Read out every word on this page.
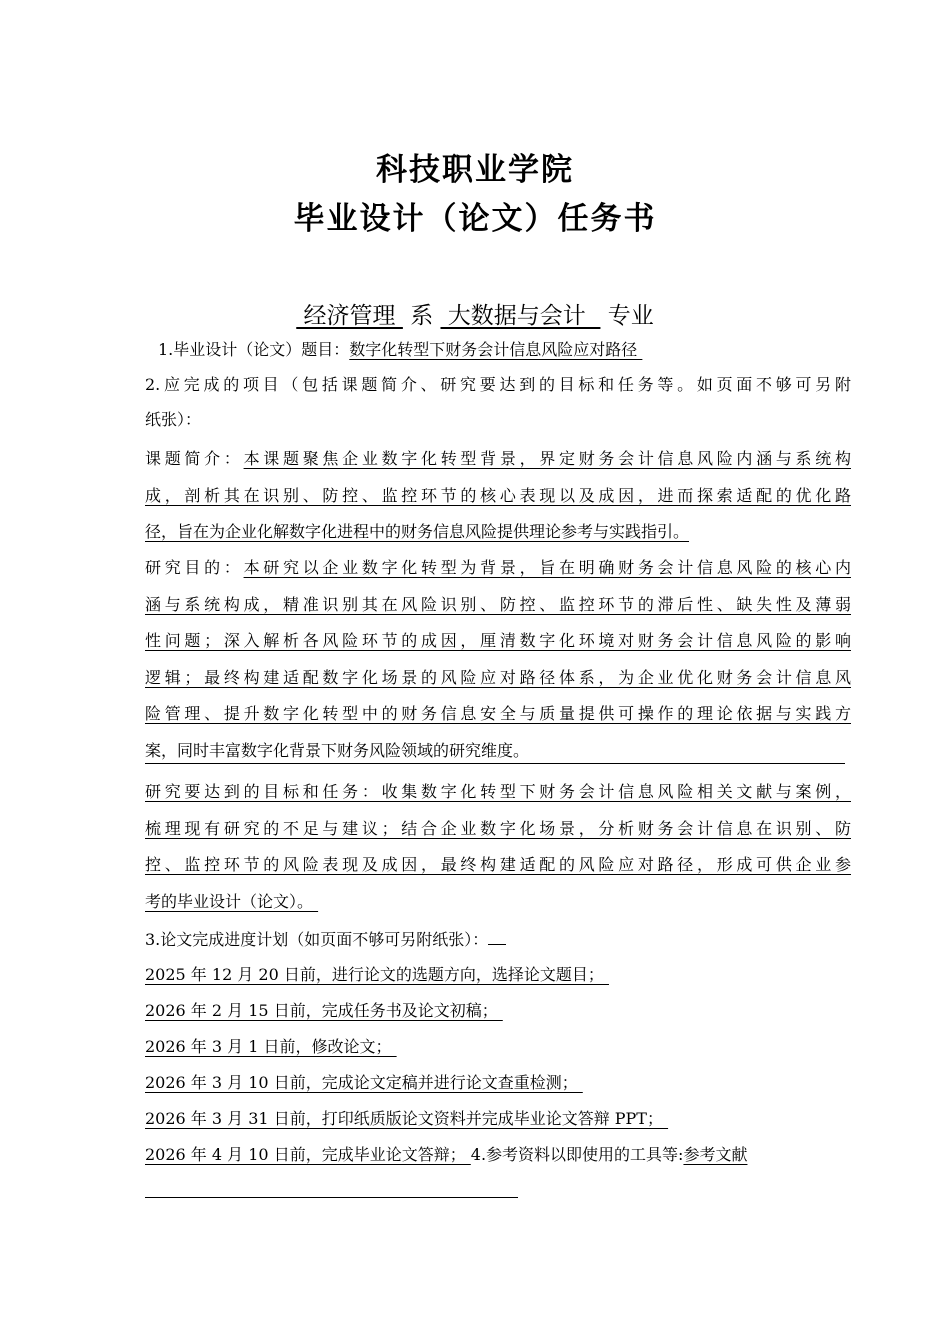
科技职业学院
毕业设计（论文）任务书
经济管理  系  大数据与会计   专业
1.毕业设计（论文）题目：数字化转型下财务会计信息风险应对路径
2.应完成的项目（包括课题简介、研究要达到的目标和任务等。如页面不够可另附
纸张）：
课题简介：本课题聚焦企业数字化转型背景，界定财务会计信息风险内涵与系统构
成，剖析其在识别、防控、监控环节的核心表现以及成因，进而探索适配的优化路
径，旨在为企业化解数字化进程中的财务信息风险提供理论参考与实践指引。
研究目的：本研究以企业数字化转型为背景，旨在明确财务会计信息风险的核心内
涵与系统构成，精准识别其在风险识别、防控、监控环节的滞后性、缺失性及薄弱
性问题；深入解析各风险环节的成因，厘清数字化环境对财务会计信息风险的影响
逻辑；最终构建适配数字化场景的风险应对路径体系，为企业优化财务会计信息风
险管理、提升数字化转型中的财务信息安全与质量提供可操作的理论依据与实践方
案，同时丰富数字化背景下财务风险领域的研究维度。
研究要达到的目标和任务：收集数字化转型下财务会计信息风险相关文献与案例，
梳理现有研究的不足与建议；结合企业数字化场景，分析财务会计信息在识别、防
控、监控环节的风险表现及成因，最终构建适配的风险应对路径，形成可供企业参
考的毕业设计（论文）。
3.论文完成进度计划（如页面不够可另附纸张）：
2025 年 12 月 20 日前，进行论文的选题方向，选择论文题目；
2026 年 2 月 15 日前，完成任务书及论文初稿；
2026 年 3 月 1 日前，修改论文；
2026 年 3 月 10 日前，完成论文定稿并进行论文查重检测；
2026 年 3 月 31 日前，打印纸质版论文资料并完成毕业论文答辩 PPT；
2026 年 4 月 10 日前，完成毕业论文答辩； 4.参考资料以即使用的工具等:参考文献
